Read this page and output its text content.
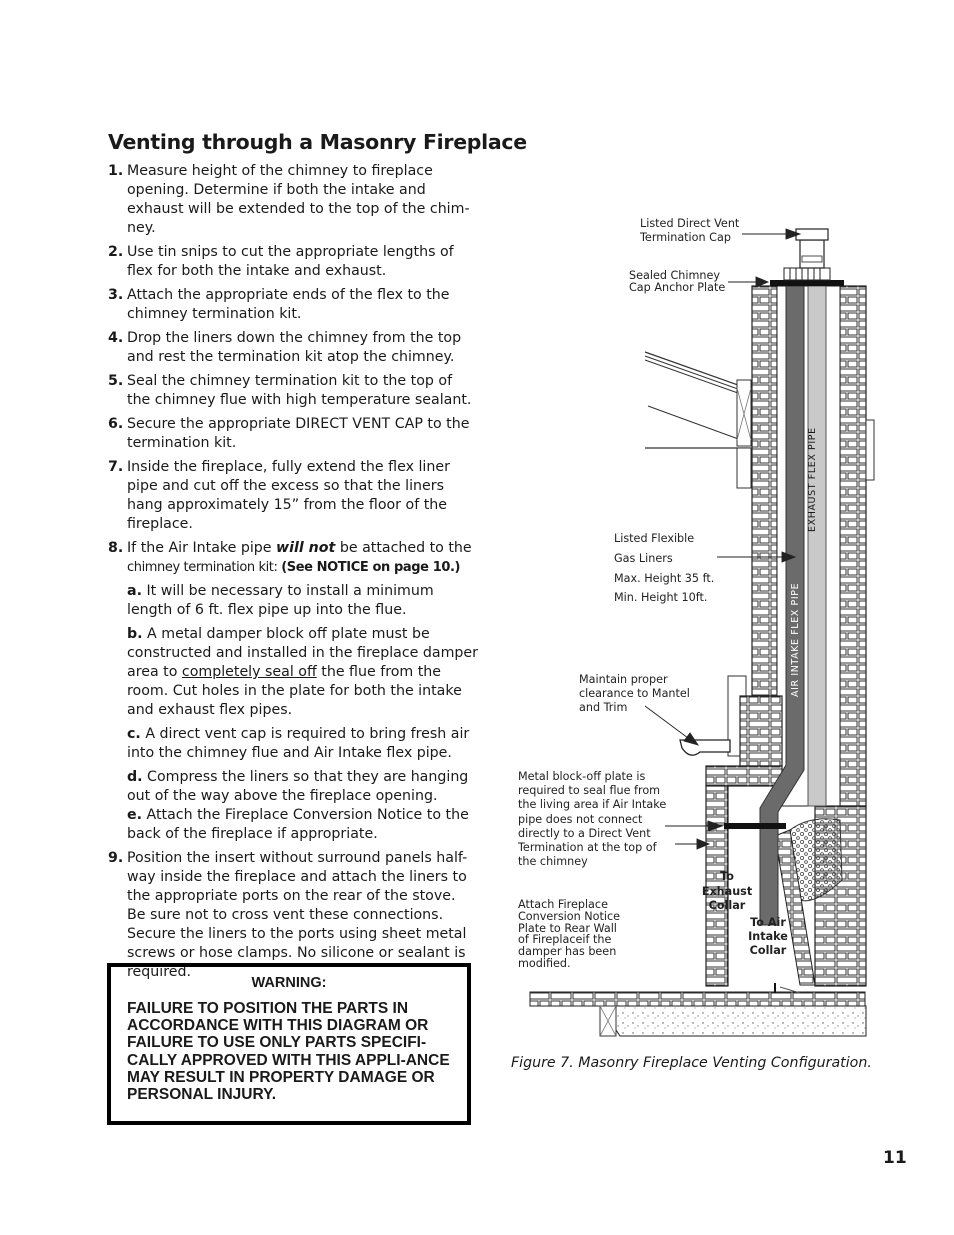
Venting through a Masonry Fireplace
1. Measure height of the chimney to fireplace opening. Determine if both the intake and exhaust will be extended to the top of the chim-ney.
2. Use tin snips to cut the appropriate lengths of flex for both the intake and exhaust.
3. Attach the appropriate ends of the flex to the chimney termination kit.
4. Drop the liners down the chimney from the top and rest the termination kit atop the chimney.
5. Seal the chimney termination kit to the top of the chimney flue with high temperature sealant.
6. Secure the appropriate DIRECT VENT CAP to the termination kit.
7. Inside the fireplace, fully extend the flex liner pipe and cut off the excess so that the liners hang approximately 15” from the floor of the fireplace.
8. If the Air Intake pipe will not be attached to the
chimney termination kit: (See NOTICE on page 10.)
a. It will be necessary to install a minimum length of 6 ft. flex pipe up into the flue.
b. A metal damper block off plate must be constructed and installed in the fireplace damper area to completely seal off the flue from the room. Cut holes in the plate for both the intake and exhaust flex pipes.
c. A direct vent cap is required to bring fresh air into the chimney flue and Air Intake flex pipe.
d. Compress the liners so that they are hanging out of the way above the fireplace opening.
e. Attach the Fireplace Conversion Notice to the back of the fireplace if appropriate.
9. Position the insert without surround panels half-way inside the fireplace and attach the liners to the appropriate ports on the rear of the stove. Be sure not to cross vent these connections. Secure the liners to the ports using sheet metal screws or hose clamps. No silicone or sealant is required.
WARNING:
FAILURE TO POSITION THE PARTS IN ACCORDANCE WITH THIS DIAGRAM OR FAILURE TO USE ONLY PARTS SPECIFI-CALLY APPROVED WITH THIS APPLI-ANCE MAY RESULT IN PROPERTY DAMAGE OR PERSONAL INJURY.
EXHAUST FLEX PIPE
AIR INTAKE FLEX PIPE
Listed Direct Vent
Termination Cap
Sealed Chimney
Cap Anchor Plate
Listed Flexible
Gas Liners
Max. Height 35 ft.
Min. Height 10ft.
Maintain proper
clearance to Mantel
and Trim
Metal block-off plate is
required to seal flue from
the living area if Air Intake
pipe does not connect
directly to a Direct Vent
Termination at the top of
the chimney
Attach Fireplace
Conversion Notice
Plate to Rear Wall
of Fireplaceif the
damper has been
modified.
To Exhaust
Collar
To Air
Intake
Collar
Figure 7. Masonry Fireplace Venting Configuration.
11
